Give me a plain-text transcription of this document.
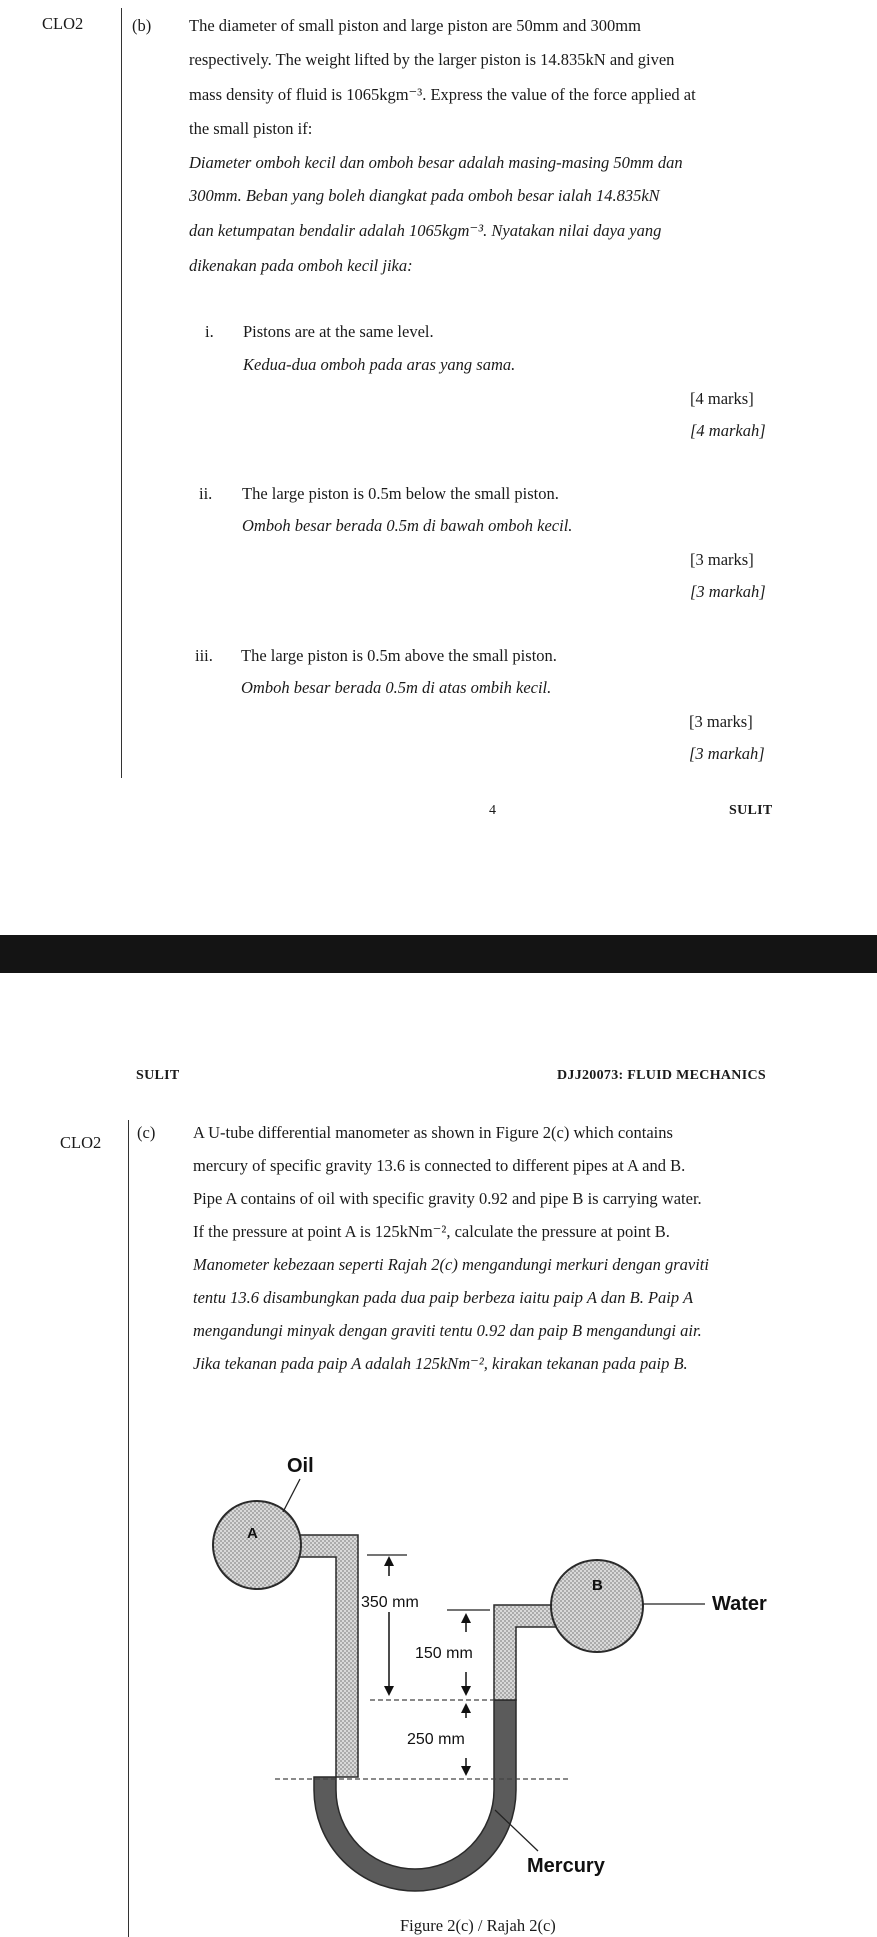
CLO2	(b) The diameter of small piston and large piston are 50mm and 300mm
respectively. The weight lifted by the larger piston is 14.835kN and given
mass density of fluid is 1065kgm⁻³. Express the value of the force applied at
the small piston if:
Diameter omboh kecil dan omboh besar adalah masing-masing 50mm dan
300mm. Beban yang boleh diangkat pada omboh besar ialah 14.835kN
dan ketumpatan bendalir adalah 1065kgm⁻³. Nyatakan nilai daya yang
dikenakan pada omboh kecil jika:
i. Pistons are at the same level.
Kedua-dua omboh pada aras yang sama.
[4 marks]
[4 markah]
ii. The large piston is 0.5m below the small piston.
Omboh besar berada 0.5m di bawah omboh kecil.
[3 marks]
[3 markah]
iii. The large piston is 0.5m above the small piston.
Omboh besar berada 0.5m di atas ombih kecil.
[3 marks]
[3 markah]
4	SULIT
SULIT	DJJ20073: FLUID MECHANICS
CLO2
(c) A U-tube differential manometer as shown in Figure 2(c) which contains
mercury of specific gravity 13.6 is connected to different pipes at A and B.
Pipe A contains of oil with specific gravity 0.92 and pipe B is carrying water.
If the pressure at point A is 125kNm⁻², calculate the pressure at point B.
Manometer kebezaan seperti Rajah 2(c) mengandungi merkuri dengan graviti
tentu 13.6 disambungkan pada dua paip berbeza iaitu paip A dan B. Paip A
mengandungi minyak dengan graviti tentu 0.92 dan paip B mengandungi air.
Jika tekanan pada paip A adalah 125kNm⁻², kirakan tekanan pada paip B.
Oil
A
B
Water
Mercury
350 mm
150 mm
250 mm
Figure 2(c) / Rajah 2(c)
